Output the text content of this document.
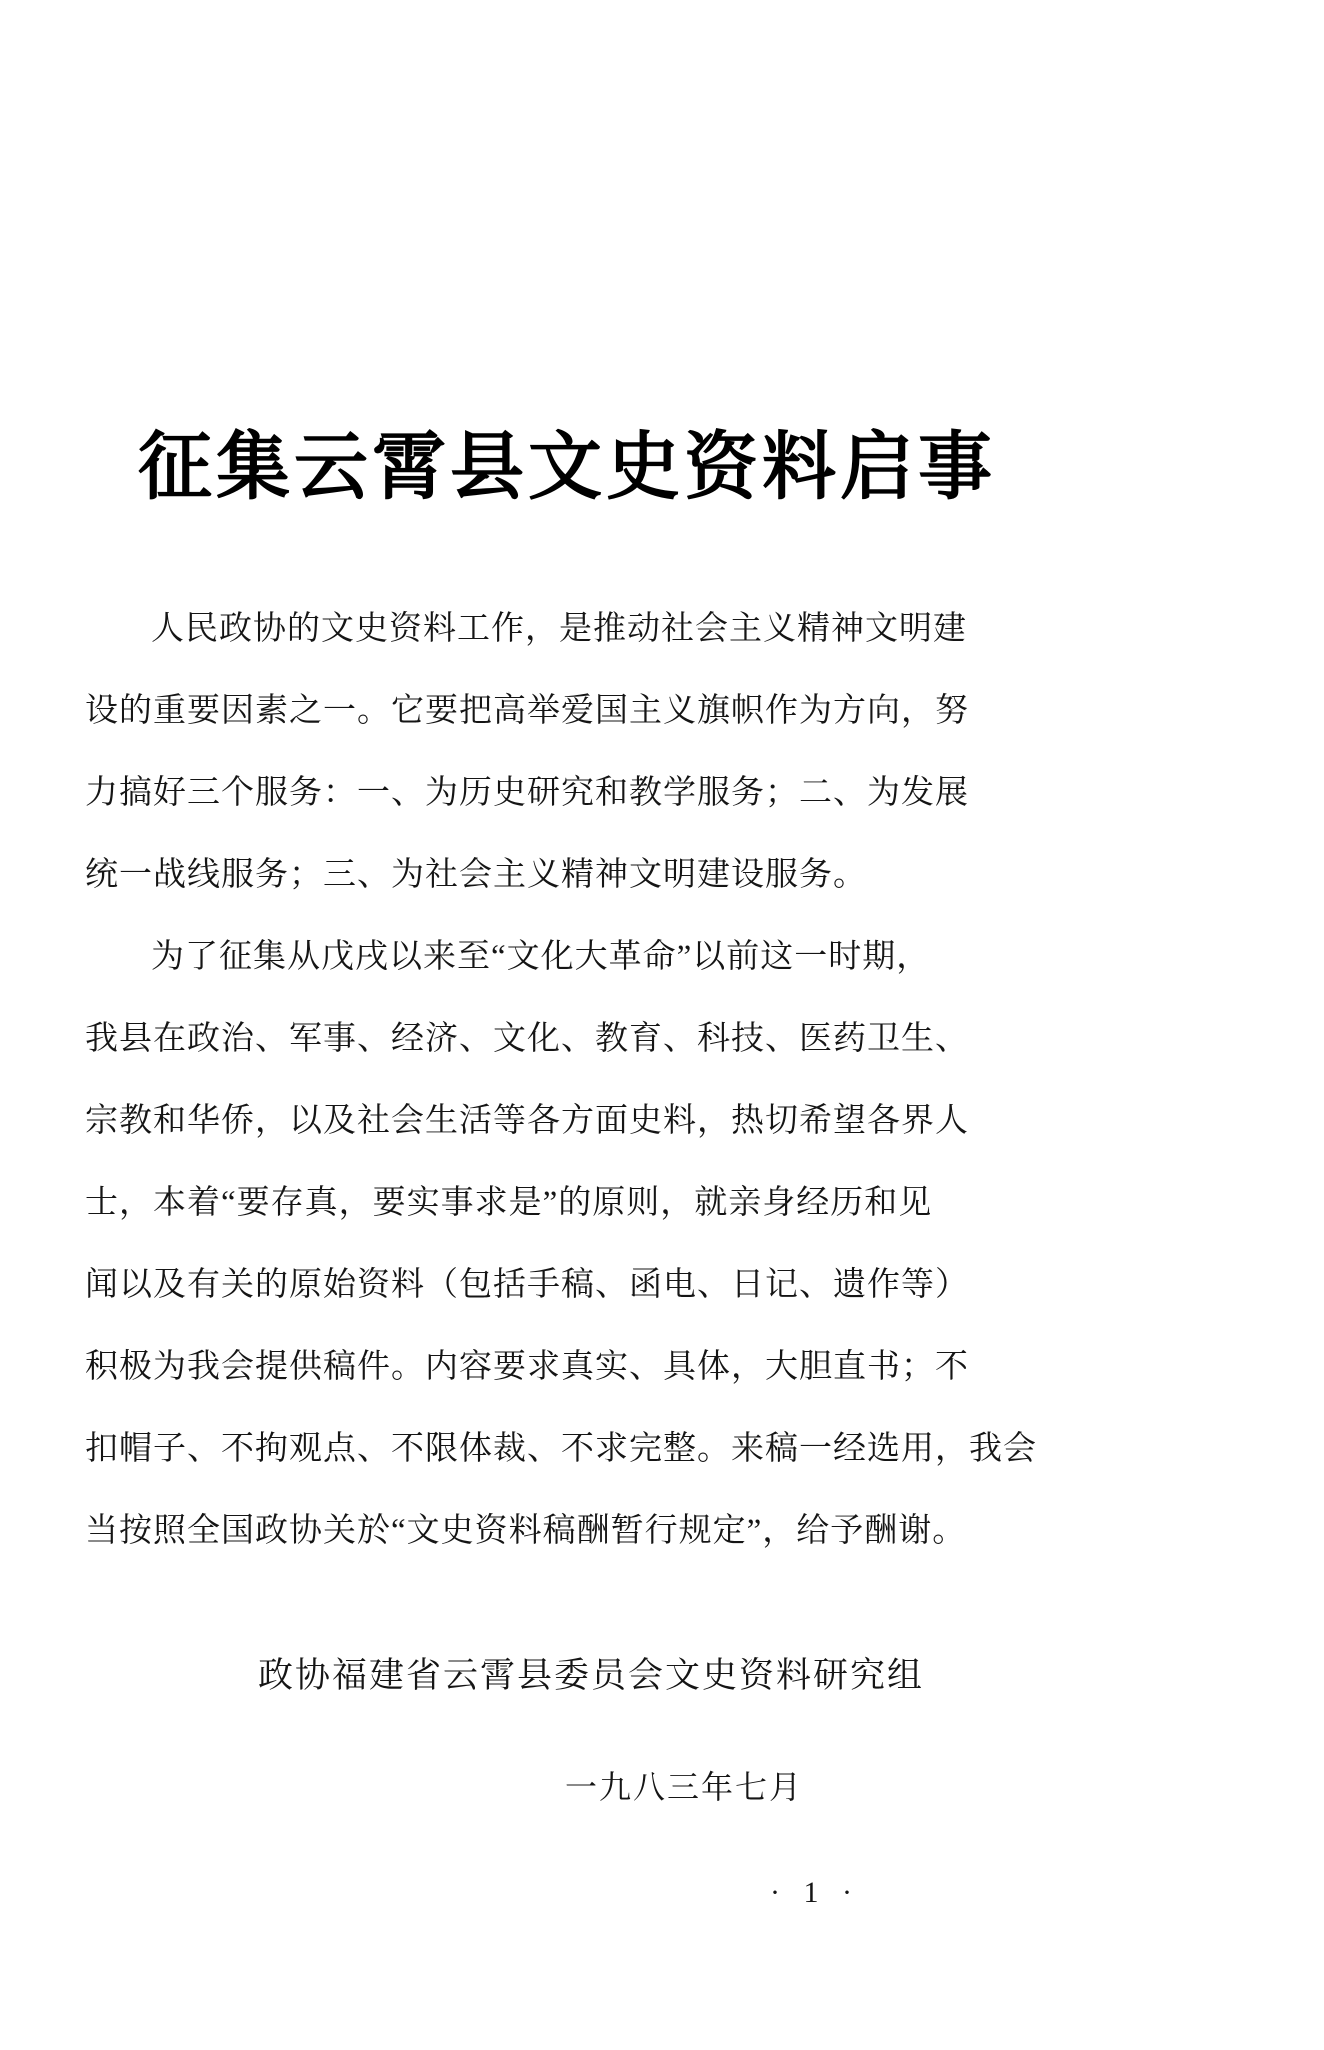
征集云霄县文史资料启事
人民政协的文史资料工作，是推动社会主义精神文明建
设的重要因素之一。它要把高举爱国主义旗帜作为方向，努
力搞好三个服务：一、为历史研究和教学服务；二、为发展
统一战线服务；三、为社会主义精神文明建设服务。
为了征集从戊戌以来至“文化大革命”以前这一时期，
我县在政治、军事、经济、文化、教育、科技、医药卫生、
宗教和华侨，以及社会生活等各方面史料，热切希望各界人
士，本着“要存真，要实事求是”的原则，就亲身经历和见
闻以及有关的原始资料（包括手稿、函电、日记、遗作等）
积极为我会提供稿件。内容要求真实、具体，大胆直书；不
扣帽子、不拘观点、不限体裁、不求完整。来稿一经选用，我会
当按照全国政协关於“文史资料稿酬暂行规定”，给予酬谢。
政协福建省云霄县委员会文史资料研究组
一九八三年七月
· 1 ·
